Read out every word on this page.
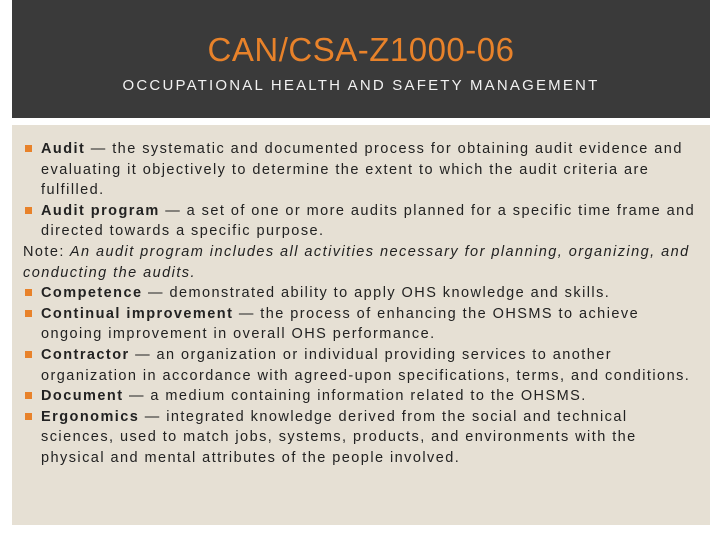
CAN/CSA-Z1000-06
OCCUPATIONAL HEALTH AND SAFETY MANAGEMENT
Audit — the systematic and documented process for obtaining audit evidence and evaluating it objectively to determine the extent to which the audit criteria are fulfilled.
Audit program — a set of one or more audits planned for a specific time frame and directed towards a specific purpose.
Note: An audit program includes all activities necessary for planning, organizing, and conducting the audits.
Competence — demonstrated ability to apply OHS knowledge and skills.
Continual improvement — the process of enhancing the OHSMS to achieve ongoing improvement in overall OHS performance.
Contractor — an organization or individual providing services to another organization in accordance with agreed-upon specifications, terms, and conditions.
Document — a medium containing information related to the OHSMS.
Ergonomics — integrated knowledge derived from the social and technical sciences, used to match jobs, systems, products, and environments with the physical and mental attributes of the people involved.
